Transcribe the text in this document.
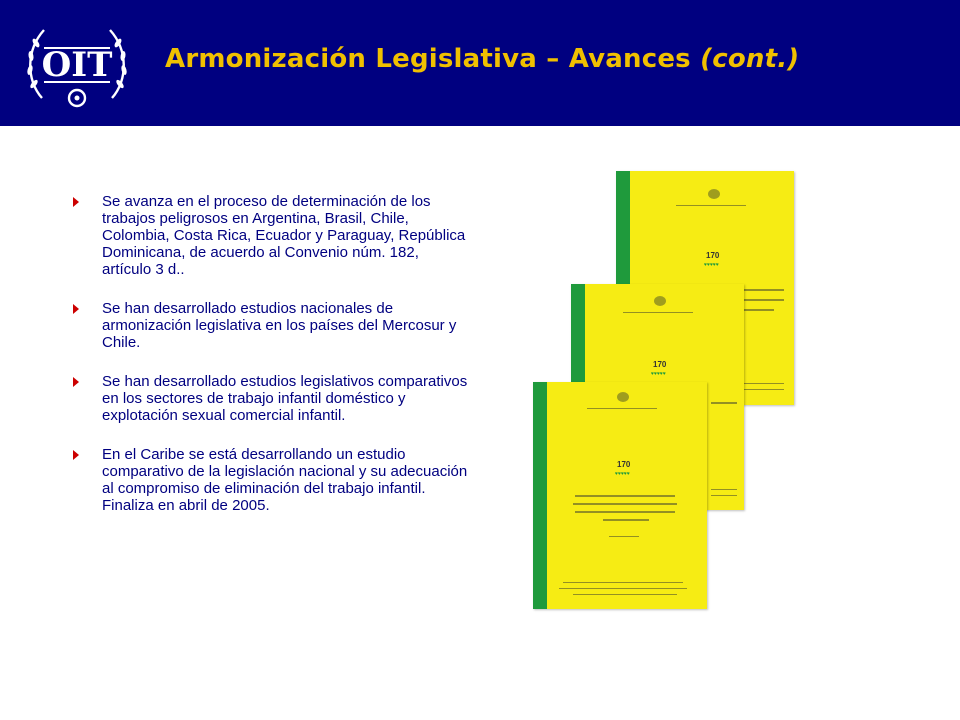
OIT Armonización Legislativa – Avances (cont.)
Se avanza en el proceso de determinación de los trabajos peligrosos en Argentina, Brasil, Chile, Colombia, Costa Rica, Ecuador y Paraguay, República Dominicana, de acuerdo al Convenio núm. 182, artículo 3 d..
Se han desarrollado estudios nacionales de armonización legislativa en los países del Mercosur y Chile.
Se han desarrollado estudios legislativos comparativos en los sectores de trabajo infantil doméstico y explotación sexual comercial infantil.
En el Caribe se está desarrollando un estudio comparativo de la legislación nacional y su adecuación al compromiso de eliminación del trabajo infantil. Finaliza en abril de 2005.
170
♥♥♥♥♥
170
♥♥♥♥♥
170
♥♥♥♥♥
